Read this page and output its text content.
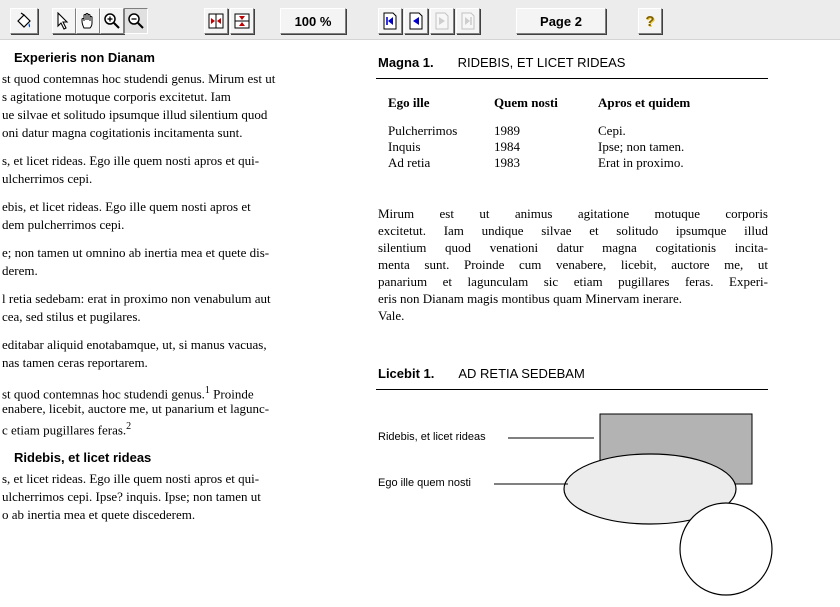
100 %	Page 2	?
Experieris non Dianam
st quod contemnas hoc studendi genus. Mirum est ut
s agitatione motuque corporis excitetut. Iam
ue silvae et solitudo ipsumque illud silentium quod
oni datur magna cogitationis incitamenta sunt.
s, et licet rideas. Ego ille quem nosti apros et qui-
ulcherrimos cepi.
ebis, et licet rideas. Ego ille quem nosti apros et
dem pulcherrimos cepi.
e; non tamen ut omnino ab inertia mea et quete dis-
derem.
l retia sedebam: erat in proximo non venabulum aut
cea, sed stilus et pugilares.
editabar aliquid enotabamque, ut, si manus vacuas,
nas tamen ceras reportarem.
st quod contemnas hoc studendi genus.$^1$ Proinde
enabere, licebit, auctore me, ut panarium et lagunc-
c etiam pugillares feras.$^2$
Ridebis, et licet rideas
s, et licet rideas. Ego ille quem nosti apros et qui-
ulcherrimos cepi. Ipse? inquis. Ipse; non tamen ut
o ab inertia mea et quete discederem.
Magna 1. RIDEBIS, ET LICET RIDEAS
Ego ille	Quem nosti	Apros et quidem
Pulcherrimos	1989	Cepi.
Inquis	1984	Ipse; non tamen.
Ad retia	1983	Erat in proximo.
Mirum est ut animus agitatione motuque corporis
excitetut. Iam undique silvae et solitudo ipsumque illud
silentium quod venationi datur magna cogitationis incita-
menta sunt. Proinde cum venabere, licebit, auctore me, ut
panarium et lagunculam sic etiam pugillares feras. Experi-
eris non Dianam magis montibus quam Minervam inerare.
Vale.
Licebit 1. AD RETIA SEDEBAM
Ridebis, et licet rideas
Ego ille quem nosti
